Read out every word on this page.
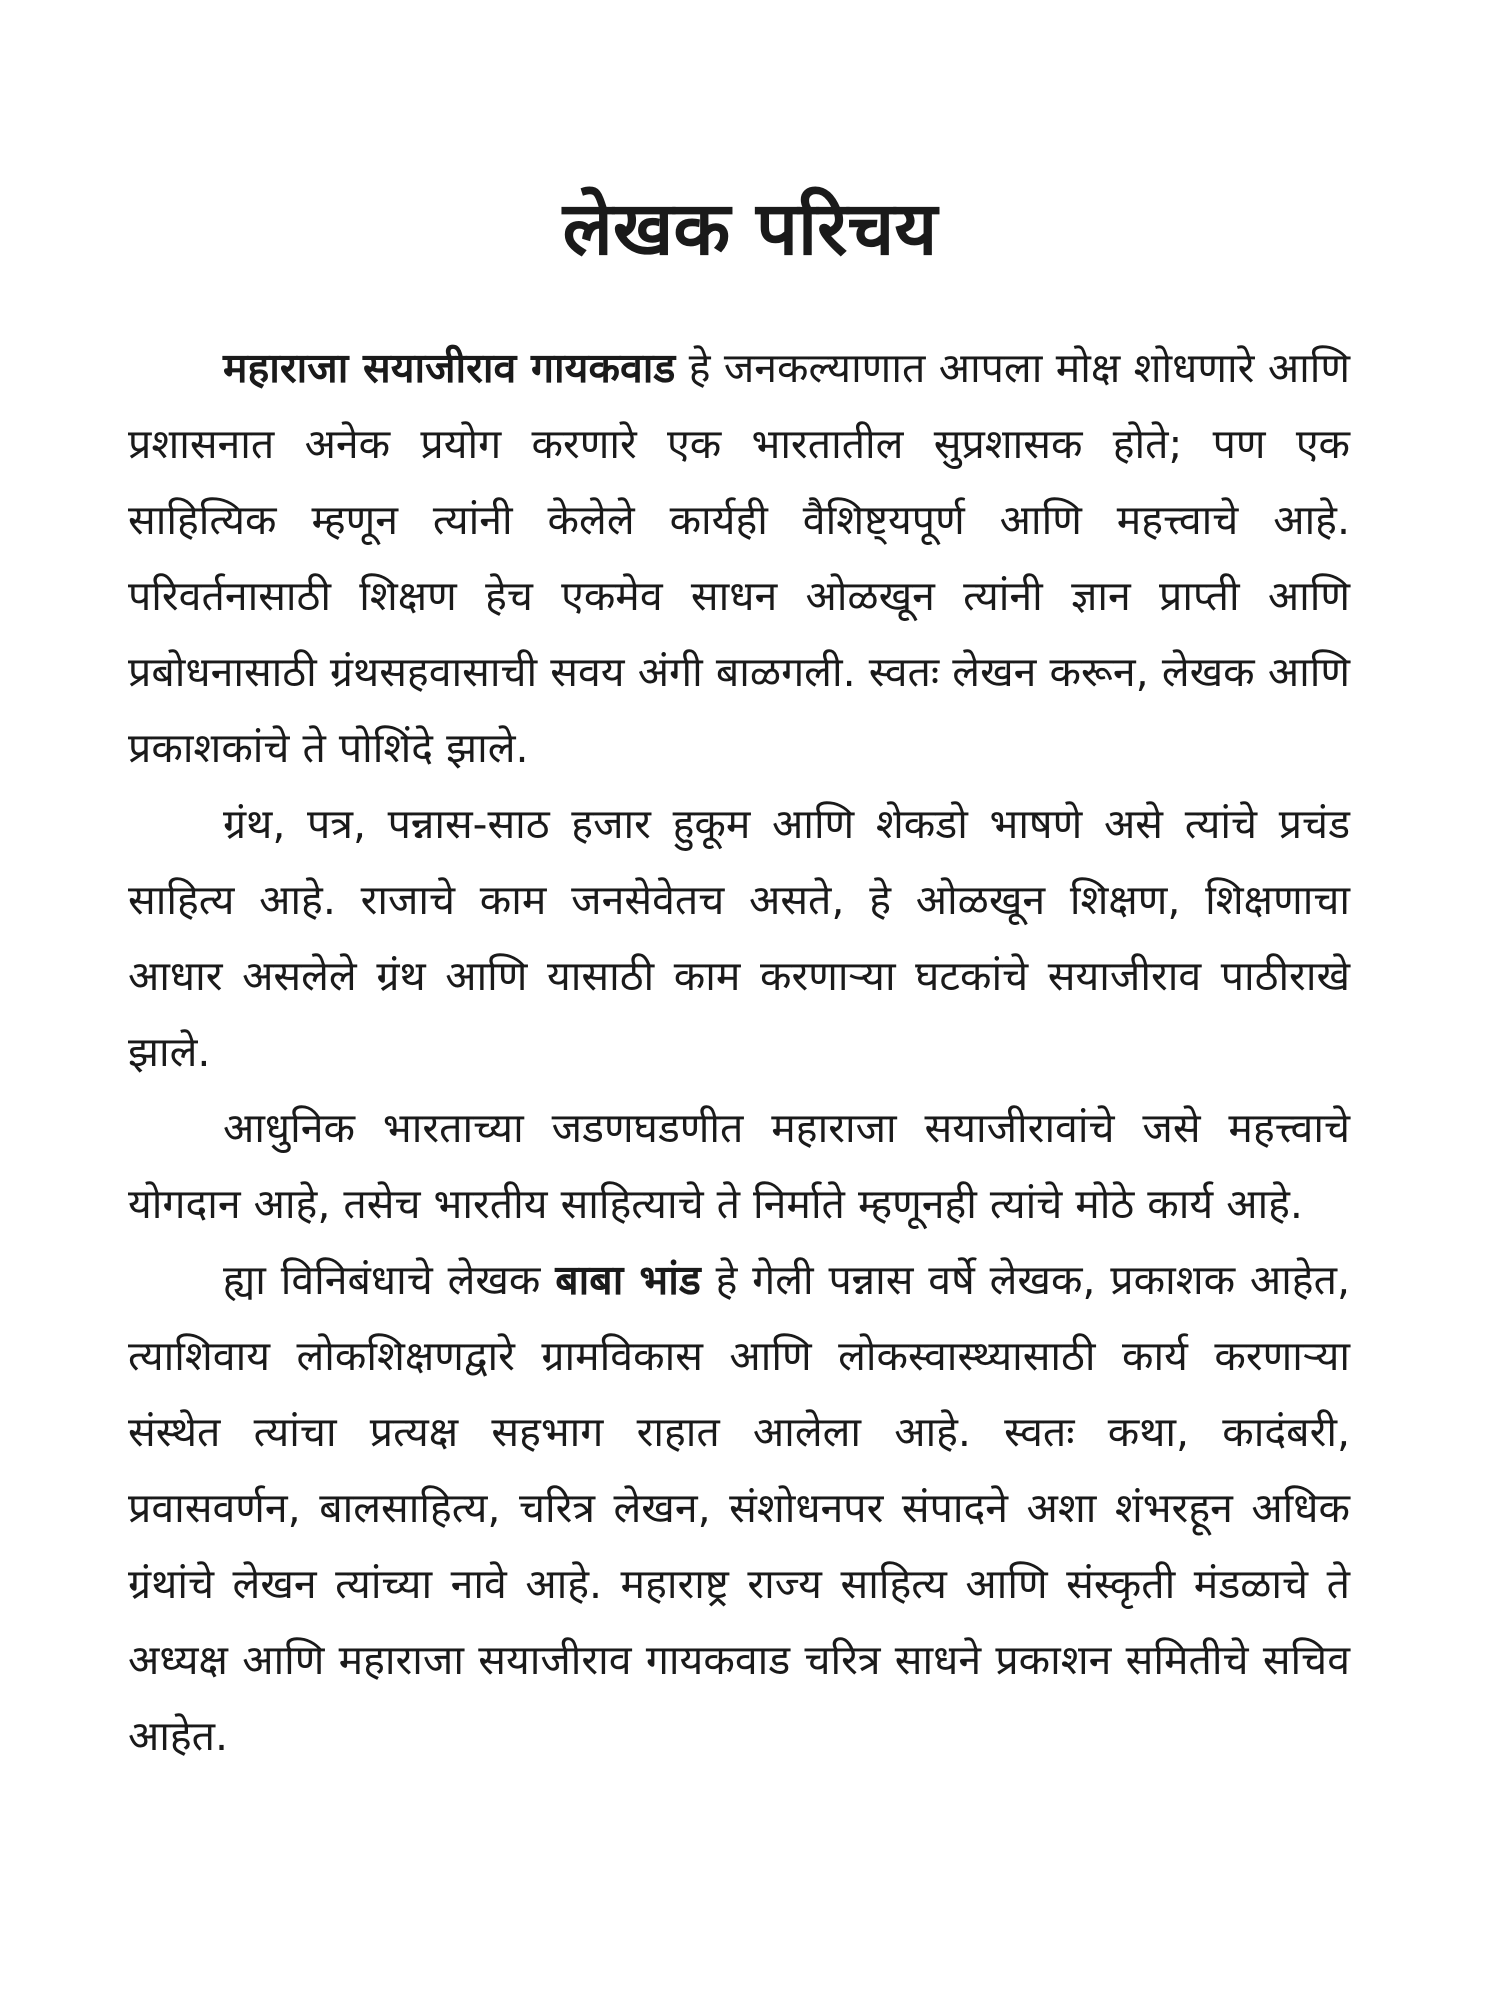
लेखक परिचय

महाराजा सयाजीराव गायकवाड हे जनकल्याणात आपला मोक्ष शोधणारे आणि प्रशासनात अनेक प्रयोग करणारे एक भारतातील सुप्रशासक होते; पण एक साहित्यिक म्हणून त्यांनी केलेले कार्यही वैशिष्ट्यपूर्ण आणि महत्त्वाचे आहे. परिवर्तनासाठी शिक्षण हेच एकमेव साधन ओळखून त्यांनी ज्ञान प्राप्ती आणि प्रबोधनासाठी ग्रंथसहवासाची सवय अंगी बाळगली. स्वतः लेखन करून, लेखक आणि प्रकाशकांचे ते पोशिंदे झाले.

ग्रंथ, पत्र, पन्नास-साठ हजार हुकूम आणि शेकडो भाषणे असे त्यांचे प्रचंड साहित्य आहे. राजाचे काम जनसेवेतच असते, हे ओळखून शिक्षण, शिक्षणाचा आधार असलेले ग्रंथ आणि यासाठी काम करणाऱ्या घटकांचे सयाजीराव पाठीराखे झाले.

आधुनिक भारताच्या जडणघडणीत महाराजा सयाजीरावांचे जसे महत्त्वाचे योगदान आहे, तसेच भारतीय साहित्याचे ते निर्माते म्हणूनही त्यांचे मोठे कार्य आहे.

ह्या विनिबंधाचे लेखक बाबा भांड हे गेली पन्नास वर्षे लेखक, प्रकाशक आहेत, त्याशिवाय लोकशिक्षणद्वारे ग्रामविकास आणि लोकस्वास्थ्यासाठी कार्य करणाऱ्या संस्थेत त्यांचा प्रत्यक्ष सहभाग राहात आलेला आहे. स्वतः कथा, कादंबरी, प्रवासवर्णन, बालसाहित्य, चरित्र लेखन, संशोधनपर संपादने अशा शंभरहून अधिक ग्रंथांचे लेखन त्यांच्या नावे आहे. महाराष्ट्र राज्य साहित्य आणि संस्कृती मंडळाचे ते अध्यक्ष आणि महाराजा सयाजीराव गायकवाड चरित्र साधने प्रकाशन समितीचे सचिव आहेत.
